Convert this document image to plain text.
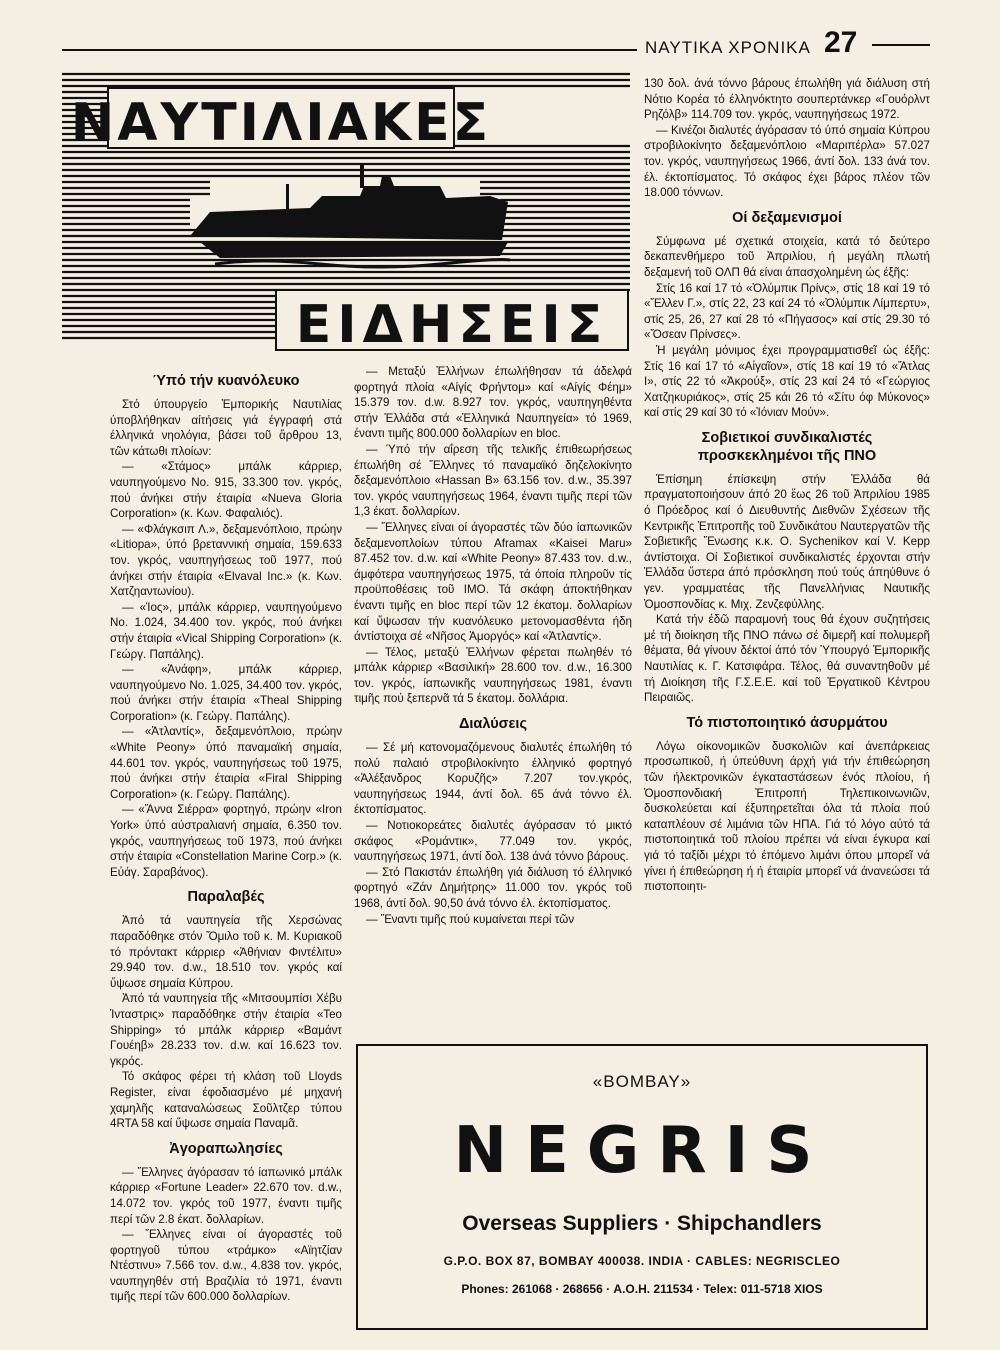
ΝΑΥΤΙΚΑ ΧΡΟΝΙΚΑ 27
ΝΑΥΤΙΛΙΑΚΕΣ
ΕΙΔΗΣΕΙΣ
Ύπό τήν κυανόλευκο

Στό ύπουργείο Ἐμπορικής Ναυτιλίας ύποβλήθηκαν αίτήσεις γιά έγγραφή στά έλληνικά νηολόγια, βάσει τοῦ ἄρθρου 13, τῶν κάτωθι πλοίων:

— «Στάμος» μπάλκ κάρριερ, ναυπηγούμενο No. 915, 33.300 τον. γκρός, πού άνήκει στήν έταιρία «Nueva Gloria Corporation» (κ. Κων. Φαφαλιός).

— «Φλάγκσιπ Λ.», δεξαμενόπλοιο, πρώην «Litiopa», ύπό βρεταννική σημαία, 159.633 τον. γκρός, ναυπηγήσεως τοῦ 1977, πού άνήκει στήν έταιρία «Elvaval Inc.» (κ. Κων. Χατζηαντωνίου).

— «Ίος», μπάλκ κάρριερ, ναυπηγούμενο No. 1.024, 34.400 τον. γκρός, πού άνήκει στήν έταιρία «Vical Shipping Corporation» (κ. Γεώργ. Παπάλης).

— «Ἀνάφη», μπάλκ κάρριερ, ναυπηγούμενο No. 1.025, 34.400 τον. γκρός, πού άνήκει στήν έταιρία «Theal Shipping Corporation» (κ. Γεώργ. Παπάλης).

— «Ἀτλαντίς», δεξαμενόπλοιο, πρώην «White Peony» ύπό παναμαϊκή σημαία, 44.601 τον. γκρός, ναυπηγήσεως τοῦ 1975, πού άνήκει στήν έταιρία «Firal Shipping Corporation» (κ. Γεώργ. Παπάλης).

— «Ἄννα Σιέρρα» φορτηγό, πρώην «Iron York» ύπό αύστραλιανή σημαία, 6.350 τον. γκρός, ναυπηγήσεως τοῦ 1973, πού άνήκει στήν έταιρία «Constellation Marine Corp.» (κ. Εὐάγ. Σαραβάνος).

Παραλαβές

Ἀπό τά ναυπηγεία τῆς Χερσώνας παραδόθηκε στόν Ὅμιλο τοῦ κ. Μ. Κυριακοῦ τό πρόντακτ κάρριερ «Ἀθήνιαν Φιντέλιτυ» 29.940 τον. d.w., 18.510 τον. γκρός καί ὕψωσε σημαία Κύπρου.

Ἀπό τά ναυπηγεία τῆς «Μιτσουμπίσι Χέβυ Ἰνταστρις» παραδόθηκε στήν έταιρία «Teo Shipping» τό μπάλκ κάρριερ «Βαμάντ Γουέηβ» 28.233 τον. d.w. καί 16.623 τον. γκρός.

Τό σκάφος φέρει τή κλάση τοῦ Lloyds Register, είναι έφοδιασμένο μέ μηχανή χαμηλῆς καταναλώσεως Σοῦλτζερ τύπου 4RTA 58 καί ὕψωσε σημαία Παναμᾶ.

Ἀγοραπωλησίες

— Ἕλληνες άγόρασαν τό ίαπωνικό μπάλκ κάρριερ «Fortune Leader» 22.670 τον. d.w., 14.072 τον. γκρός τοῦ 1977, έναντι τιμῆς περί τῶν 2.8 έκατ. δολλαρίων.

— Ἕλληνες είναι οί άγοραστές τοῦ φορτηγοῦ τύπου «τράμκο» «Αϊητζίαν Ντέστινυ» 7.566 τον. d.w., 4.838 τον. γκρός, ναυπηγηθέν στή Βραζιλία τό 1971, έναντι τιμῆς περί τῶν 600.000 δολλαρίων.

— Μεταξύ Ἑλλήνων έπωλήθησαν τά άδελφά φορτηγά πλοία «Αίγίς Φρήντομ» καί «Αίγίς Φέημ» 15.379 τον. d.w. 8.927 τον. γκρός, ναυπηγηθέντα στήν Ἑλλάδα στά «Ἑλληνικά Ναυπηγεία» τό 1969, έναντι τιμῆς 800.000 δολλαρίων en bloc.

— Ύπό τήν αΐρεση τῆς τελικῆς έπιθεωρήσεως έπωλήθη σέ Ἕλληνες τό παναμαϊκό δηζελοκίνητο δεξαμενόπλοιο «Hassan B» 63.156 τον. d.w., 35.397 τον. γκρός ναυπηγήσεως 1964, έναντι τιμῆς περί τῶν 1,3 έκατ. δολλαρίων.

— Ἕλληνες είναι οί άγοραστές τῶν δύο ίαπωνικῶν δεξαμενοπλοίων τύπου Aframax «Kaisei Maru» 87.452 τον. d.w. καί «White Peony» 87.433 τον. d.w., άμφότερα ναυπηγήσεως 1975, τά όποία πληροῦν τίς προϋποθέσεις τοῦ IMO. Τά σκάφη άποκτήθηκαν έναντι τιμῆς en bloc περί τῶν 12 έκατομ. δολλαρίων καί ὕψωσαν τήν κυανόλευκο μετονομασθέντα ήδη άντίστοιχα σέ «Νῆσος Ἀμοργός» καί «Ἀτλαντίς».

— Τέλος, μεταξύ Ἑλλήνων φέρεται πωληθέν τό μπάλκ κάρριερ «Βασιλική» 28.600 τον. d.w., 16.300 τον. γκρός, ίαπωνικῆς ναυπηγήσεως 1981, έναντι τιμῆς πού ξεπερνᾶ τά 5 έκατομ. δολλάρια.

Διαλύσεις

— Σέ μή κατονομαζόμενους διαλυτές έπωλήθη τό πολύ παλαιό στροβιλοκίνητο έλληνικό φορτηγό «Ἀλέξανδρος Κορυζῆς» 7.207 τον.γκρός, ναυπηγήσεως 1944, άντί δολ. 65 άνά τόννο έλ. έκτοπίσματος.

— Νοτιοκορεάτες διαλυτές άγόρασαν τό μικτό σκάφος «Ρομάντικ», 77.049 τον. γκρός, ναυπηγήσεως 1971, άντί δολ. 138 άνά τόννο βάρους.

— Στό Πακιστάν έπωλήθη γιά διάλυση τό έλληνικό φορτηγό «Ζάν Δημήτρης» 11.000 τον. γκρός τοῦ 1968, άντί δολ. 90,50 άνά τόννο έλ. έκτοπίσματος.

— Ἔναντι τιμῆς πού κυμαίνεται περί τῶν

130 δολ. άνά τόννο βάρους έπωλήθη γιά διάλυση στή Νότιο Κορέα τό έλληνόκτητο σουπερτάνκερ «Γουόρλντ Ρηζόλβ» 114.709 τον. γκρός, ναυπηγήσεως 1972.

— Κινέζοι διαλυτές άγόρασαν τό ύπό σημαία Κύπρου στροβιλοκίνητο δεξαμενόπλοιο «Μαριπέρλα» 57.027 τον. γκρός, ναυπηγήσεως 1966, άντί δολ. 133 άνά τον. έλ. έκτοπίσματος. Τό σκάφος έχει βάρος πλέον τῶν 18.000 τόννων.

Οί δεξαμενισμοί

Σύμφωνα μέ σχετικά στοιχεία, κατά τό δεύτερο δεκαπενθήμερο τοῦ Ἀπριλίου, ή μεγάλη πλωτή δεξαμενή τοῦ ΟΛΠ θά είναι άπασχολημένη ώς έξῆς:

Στίς 16 καί 17 τό «Ὀλύμπικ Πρίνς», στίς 18 καί 19 τό «Ἔλλεν Γ.», στίς 22, 23 καί 24 τό «Ὀλύμπικ Λίμπερτυ», στίς 25, 26, 27 καί 28 τό «Πήγασος» καί στίς 29.30 τό «Ὄσεαν Πρίνσες».

Ἡ μεγάλη μόνιμος έχει προγραμματισθεῖ ώς έξῆς: Στίς 16 καί 17 τό «Αἰγαῖον», στίς 18 καί 19 τό «Ἄτλας Ι», στίς 22 τό «Ἀκρούξ», στίς 23 καί 24 τό «Γεώργιος Χατζηκυριάκος», στίς 25 κάι 26 τό «Σίτυ όφ Μύκονος» καί στίς 29 καί 30 τό «Ἰόνιαν Μούν».

Σοβιετικοί συνδικαλιστές προσκεκλημένοι τῆς ΠΝΟ

Ἐπίσημη έπίσκεψη στήν Ἑλλάδα θά πραγματοποιήσουν άπό 20 ἕως 26 τοῦ Ἀπριλίου 1985 ό Πρόεδρος καί ό Διευθυντής Διεθνῶν Σχέσεων τῆς Κεντρικῆς Ἐπιτροπῆς τοῦ Συνδικάτου Ναυτεργατῶν τῆς Σοβιετικῆς Ἕνωσης κ.κ. Ο. Sychenikov καί V. Kepp άντίστοιχα. Οί Σοβιετικοί συνδικαλιστές έρχονται στήν Ἑλλάδα ὕστερα άπό πρόσκληση πού τούς άπηύθυνε ό γεν. γραμματέας τῆς Πανελλήνιας Ναυτικῆς Ὁμοσπονδίας κ. Μιχ. Ζενζεφύλλης.

Κατά τήν έδῶ παραμονή τους θά έχουν συζητήσεις μέ τή διοίκηση τῆς ΠΝΟ πάνω σέ διμερῆ καί πολυμερῆ θέματα, θά γίνουν δέκτοί άπό τόν Ὑπουργό Ἐμπορικῆς Ναυτιλίας κ. Γ. Κατσιφάρα. Τέλος, θά συναντηθοῦν μέ τή Διοίκηση τῆς Γ.Σ.Ε.Ε. καί τοῦ Ἐργατικοῦ Κέντρου Πειραιῶς.

Τό πιστοποιητικό άσυρμάτου

Λόγω οίκονομικῶν δυσκολιῶν καί άνεπάρκειας προσωπικοῦ, ή ύπεύθυνη άρχή γιά τήν έπιθεώρηση τῶν ήλεκτρονικῶν έγκαταστάσεων ένός πλοίου, ή Ὁμοσπονδιακή Ἐπιτροπή Τηλεπικοινωνιῶν, δυσκολεύεται καί έξυπηρετεῖται όλα τά πλοία πού καταπλέουν σέ λιμάνια τῶν ΗΠΑ. Γιά τό λόγο αὐτό τά πιστοποιητικά τοῦ πλοίου πρέπει νά είναι έγκυρα καί γιά τό ταξίδι μέχρι τό έπόμενο λιμάνι όπου μπορεῖ νά γίνει ή έπιθεώρηση ή ή έταιρία μπορεῖ νά άνανεώσει τά πιστοποιητι-

«BOMBAY»
NEGRIS
Overseas Suppliers · Shipchandlers
G.P.O. BOX 87, BOMBAY 400038. INDIA · CABLES: NEGRISCLEO
Phones: 261068 · 268656 · Α.Ο.Η. 211534 · Telex: 011-5718 XIOS
